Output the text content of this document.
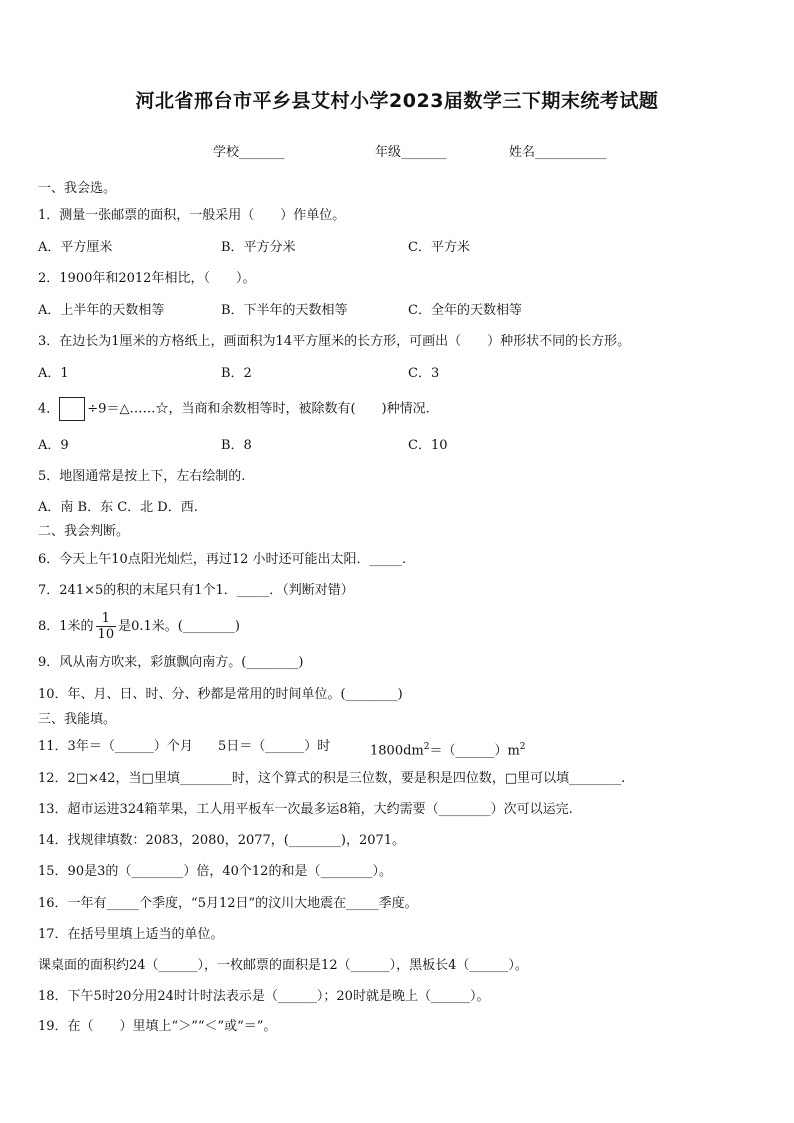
河北省邢台市平乡县艾村小学2023届数学三下期末统考试题
学校_______	年级_______	姓名___________
一、我会选。
1．测量一张邮票的面积，一般采用（　　）作单位。
A．平方厘米	B．平方分米	C．平方米
2．1900年和2012年相比，（　　）。
A．上半年的天数相等	B．下半年的天数相等	C．全年的天数相等
3．在边长为1厘米的方格纸上，画面积为14平方厘米的长方形，可画出（　　）种形状不同的长方形。
A．1	B．2	C．3
4． ÷9＝△……☆，当商和余数相等时，被除数有(　　)种情况.
A．9	B．8	C．10
5．地图通常是按上下，左右绘制的.
A．南 B．东 C．北 D．西.
二、我会判断。
6．今天上午10点阳光灿烂，再过12 小时还可能出太阳．_____.
7．241×5的积的末尾只有1个1．_____．（判断对错）
8．1米的 $\frac{1}{10}$ 是0.1米。(________)
9．风从南方吹来，彩旗飘向南方。(________)
10．年、月、日、时、分、秒都是常用的时间单位。(________)
三、我能填。
11．3年＝（______）个月 5日＝（______）时	$1800dm^2=(\_\_\_\_\_\_)m^2$
12．2□×42，当□里填________时，这个算式的积是三位数，要是积是四位数，□里可以填________.
13．超市运进324箱苹果，工人用平板车一次最多运8箱，大约需要（________）次可以运完.
14．找规律填数：2083，2080，2077，(________)，2071。
15．90是3的（________）倍，40个12的和是（________）。
16．一年有_____个季度，“5月12日”的汶川大地震在_____季度。
17．在括号里填上适当的单位。
课桌面的面积约24（______），一枚邮票的面积是12（______），黑板长4（______）。
18．下午5时20分用24时计时法表示是（______）；20时就是晚上（______）。
19．在（　　）里填上“＞”“＜”或“＝”。
